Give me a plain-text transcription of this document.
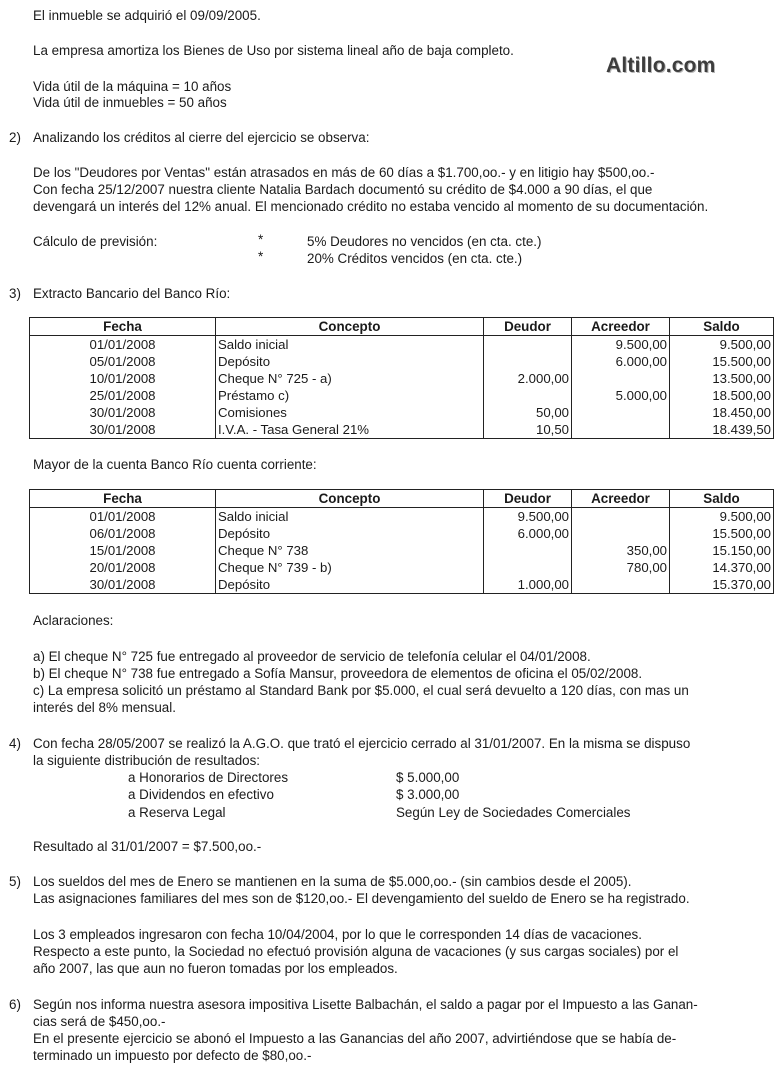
El inmueble se adquirió el 09/09/2005.
La empresa amortiza los Bienes de Uso por sistema lineal año de baja completo.
Altillo.com
Vida útil de la máquina = 10 años
Vida útil de inmuebles = 50 años
2) Analizando los créditos al cierre del ejercicio se observa:
De los "Deudores por Ventas" están atrasados en más de 60 días a $1.700,oo.- y en litigio hay $500,oo.-
Con fecha 25/12/2007 nuestra cliente Natalia Bardach documentó su crédito de $4.000 a 90 días, el que
devengará un interés del 12% anual. El mencionado crédito no estaba vencido al momento de su documentación.
Cálculo de previsión:	*	5% Deudores no vencidos (en cta. cte.)
*	20% Créditos vencidos (en cta. cte.)
3) Extracto Bancario del Banco Río:
Fecha	Concepto	Deudor	Acreedor	Saldo
01/01/2008	Saldo inicial		9.500,00	9.500,00
05/01/2008	Depósito		6.000,00	15.500,00
10/01/2008	Cheque N° 725 - a)	2.000,00		13.500,00
25/01/2008	Préstamo c)		5.000,00	18.500,00
30/01/2008	Comisiones	50,00		18.450,00
30/01/2008	I.V.A. - Tasa General 21%	10,50		18.439,50
Mayor de la cuenta Banco Río cuenta corriente:
Fecha	Concepto	Deudor	Acreedor	Saldo
01/01/2008	Saldo inicial	9.500,00		9.500,00
06/01/2008	Depósito	6.000,00		15.500,00
15/01/2008	Cheque N° 738		350,00	15.150,00
20/01/2008	Cheque N° 739 - b)		780,00	14.370,00
30/01/2008	Depósito	1.000,00		15.370,00
Aclaraciones:
a) El cheque N° 725 fue entregado al proveedor de servicio de telefonía celular el 04/01/2008.
b) El cheque N° 738 fue entregado a Sofía Mansur, proveedora de elementos de oficina el 05/02/2008.
c) La empresa solicitó un préstamo al Standard Bank por $5.000, el cual será devuelto a 120 días, con mas un
interés del 8% mensual.
4) Con fecha 28/05/2007 se realizó la A.G.O. que trató el ejercicio cerrado al 31/01/2007. En la misma se dispuso
la siguiente distribución de resultados:
a Honorarios de Directores	$ 5.000,00
a Dividendos en efectivo	$ 3.000,00
a Reserva Legal	Según Ley de Sociedades Comerciales
Resultado al 31/01/2007 = $7.500,oo.-
5) Los sueldos del mes de Enero se mantienen en la suma de $5.000,oo.- (sin cambios desde el 2005).
Las asignaciones familiares del mes son de $120,oo.- El devengamiento del sueldo de Enero se ha registrado.
Los 3 empleados ingresaron con fecha 10/04/2004, por lo que le corresponden 14 días de vacaciones.
Respecto a este punto, la Sociedad no efectuó provisión alguna de vacaciones (y sus cargas sociales) por el
año 2007, las que aun no fueron tomadas por los empleados.
6) Según nos informa nuestra asesora impositiva Lisette Balbachán, el saldo a pagar por el Impuesto a las Ganan-
cias será de $450,oo.-
En el presente ejercicio se abonó el Impuesto a las Ganancias del año 2007, advirtiéndose que se había de-
terminado un impuesto por defecto de $80,oo.-
